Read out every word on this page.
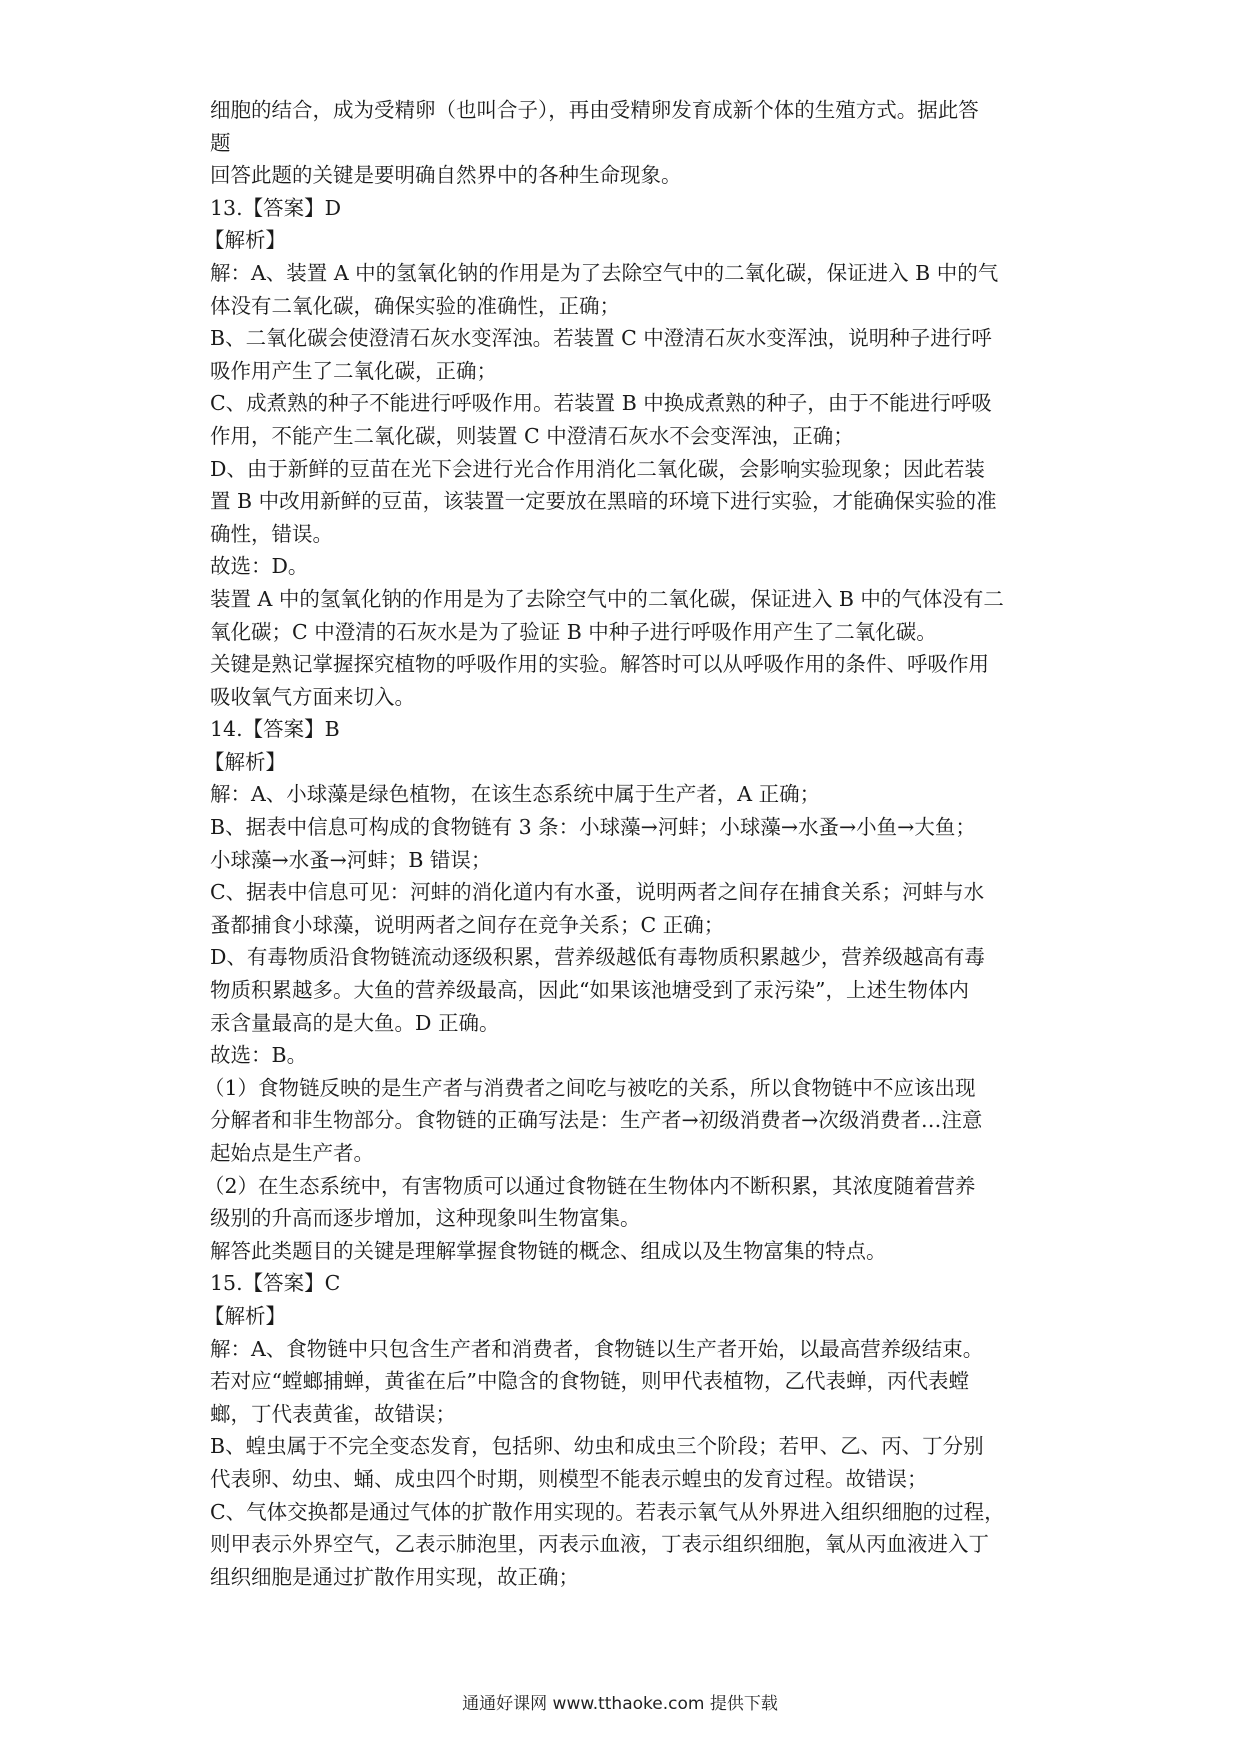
细胞的结合，成为受精卵（也叫合子），再由受精卵发育成新个体的生殖方式。据此答

题

回答此题的关键是要明确自然界中的各种生命现象。

13.【答案】D

【解析】

解：A、装置 A 中的氢氧化钠的作用是为了去除空气中的二氧化碳，保证进入 B 中的气

体没有二氧化碳，确保实验的准确性，正确；

B、二氧化碳会使澄清石灰水变浑浊。若装置 C 中澄清石灰水变浑浊，说明种子进行呼

吸作用产生了二氧化碳，正确；

C、成煮熟的种子不能进行呼吸作用。若装置 B 中换成煮熟的种子，由于不能进行呼吸

作用，不能产生二氧化碳，则装置 C 中澄清石灰水不会变浑浊，正确；

D、由于新鲜的豆苗在光下会进行光合作用消化二氧化碳，会影响实验现象；因此若装

置 B 中改用新鲜的豆苗，该装置一定要放在黑暗的环境下进行实验，才能确保实验的准

确性，错误。

故选：D。

装置 A 中的氢氧化钠的作用是为了去除空气中的二氧化碳，保证进入 B 中的气体没有二

氧化碳；C 中澄清的石灰水是为了验证 B 中种子进行呼吸作用产生了二氧化碳。

关键是熟记掌握探究植物的呼吸作用的实验。解答时可以从呼吸作用的条件、呼吸作用

吸收氧气方面来切入。

14.【答案】B

【解析】

解：A、小球藻是绿色植物，在该生态系统中属于生产者，A 正确；

B、据表中信息可构成的食物链有 3 条：小球藻→河蚌；小球藻→水蚤→小鱼→大鱼；

小球藻→水蚤→河蚌；B 错误；

C、据表中信息可见：河蚌的消化道内有水蚤，说明两者之间存在捕食关系；河蚌与水

蚤都捕食小球藻，说明两者之间存在竞争关系；C 正确；

D、有毒物质沿食物链流动逐级积累，营养级越低有毒物质积累越少，营养级越高有毒

物质积累越多。大鱼的营养级最高，因此“如果该池塘受到了汞污染”，上述生物体内

汞含量最高的是大鱼。D 正确。

故选：B。

（1）食物链反映的是生产者与消费者之间吃与被吃的关系，所以食物链中不应该出现

分解者和非生物部分。食物链的正确写法是：生产者→初级消费者→次级消费者…注意

起始点是生产者。

（2）在生态系统中，有害物质可以通过食物链在生物体内不断积累，其浓度随着营养

级别的升高而逐步增加，这种现象叫生物富集。

解答此类题目的关键是理解掌握食物链的概念、组成以及生物富集的特点。

15.【答案】C

【解析】

解：A、食物链中只包含生产者和消费者，食物链以生产者开始，以最高营养级结束。

若对应“螳螂捕蝉，黄雀在后”中隐含的食物链，则甲代表植物，乙代表蝉，丙代表螳

螂，丁代表黄雀，故错误；

B、蝗虫属于不完全变态发育，包括卵、幼虫和成虫三个阶段；若甲、乙、丙、丁分别

代表卵、幼虫、蛹、成虫四个时期，则模型不能表示蝗虫的发育过程。故错误；

C、气体交换都是通过气体的扩散作用实现的。若表示氧气从外界进入组织细胞的过程，

则甲表示外界空气，乙表示肺泡里，丙表示血液，丁表示组织细胞，氧从丙血液进入丁

组织细胞是通过扩散作用实现，故正确；

通通好课网 www.tthaoke.com 提供下载
